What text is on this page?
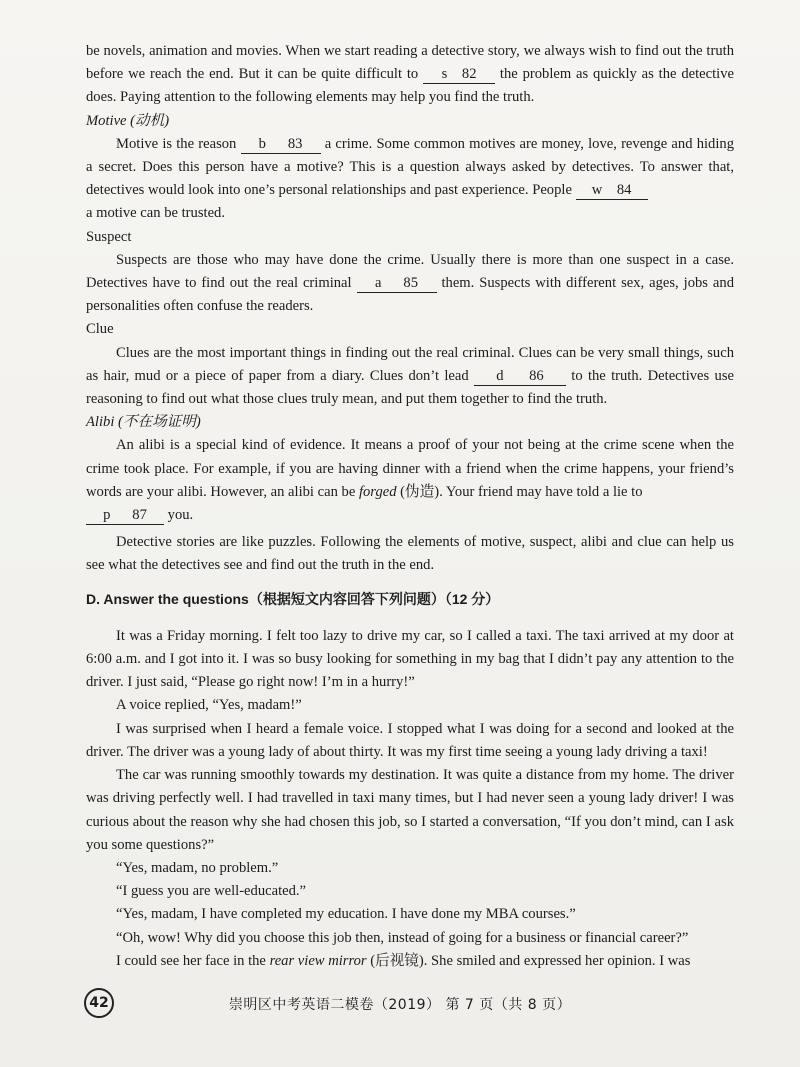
be novels, animation and movies. When we start reading a detective story, we always wish to find out the truth before we reach the end. But it can be quite difficult to s 82 the problem as quickly as the detective does. Paying attention to the following elements may help you find the truth.

Motive (动机)

Motive is the reason b 83 a crime. Some common motives are money, love, revenge and hiding a secret. Does this person have a motive? This is a question always asked by detectives. To answer that, detectives would look into one’s personal relationships and past experience. People w 84
a motive can be trusted.

Suspect

Suspects are those who may have done the crime. Usually there is more than one suspect in a case. Detectives have to find out the real criminal a 85 them. Suspects with different sex, ages, jobs and personalities often confuse the readers.

Clue

Clues are the most important things in finding out the real criminal. Clues can be very small things, such as hair, mud or a piece of paper from a diary. Clues don’t lead d 86 to the truth. Detectives use reasoning to find out what those clues truly mean, and put them together to find the truth.

Alibi (不在场证明)

An alibi is a special kind of evidence. It means a proof of your not being at the crime scene when the crime took place. For example, if you are having dinner with a friend when the crime happens, your friend’s words are your alibi. However, an alibi can be forged (伪造). Your friend may have told a lie to
p 87 you.

Detective stories are like puzzles. Following the elements of motive, suspect, alibi and clue can help us see what the detectives see and find out the truth in the end.

D. Answer the questions（根据短文内容回答下列问题）（12 分）

It was a Friday morning. I felt too lazy to drive my car, so I called a taxi. The taxi arrived at my door at 6:00 a.m. and I got into it. I was so busy looking for something in my bag that I didn’t pay any attention to the driver. I just said, “Please go right now! I’m in a hurry!”

A voice replied, “Yes, madam!”

I was surprised when I heard a female voice. I stopped what I was doing for a second and looked at the driver. The driver was a young lady of about thirty. It was my first time seeing a young lady driving a taxi!

The car was running smoothly towards my destination. It was quite a distance from my home. The driver was driving perfectly well. I had travelled in taxi many times, but I had never seen a young lady driver! I was curious about the reason why she had chosen this job, so I started a conversation, “If you don’t mind, can I ask you some questions?”

“Yes, madam, no problem.”

“I guess you are well-educated.”

“Yes, madam, I have completed my education. I have done my MBA courses.”

“Oh, wow! Why did you choose this job then, instead of going for a business or financial career?”

I could see her face in the rear view mirror (后视镜). She smiled and expressed her opinion. I was

42	崇明区中考英语二模卷（2019） 第 7 页（共 8 页）
